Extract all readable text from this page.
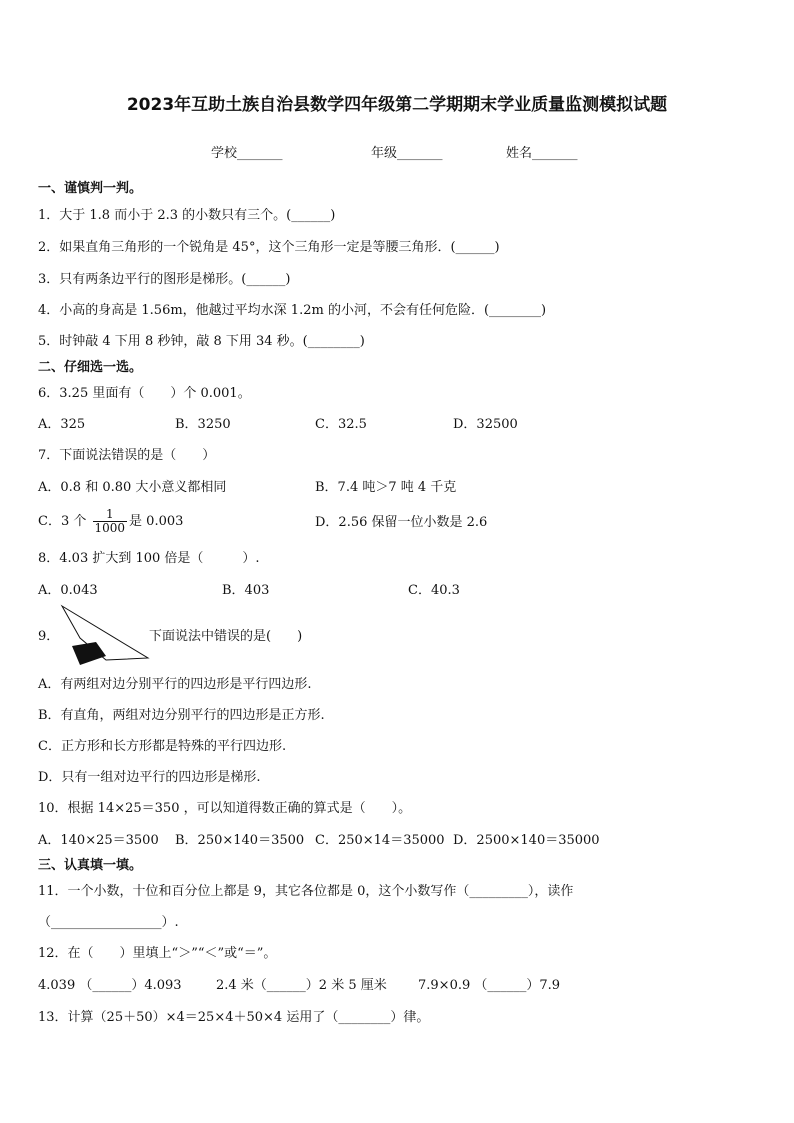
2023年互助土族自治县数学四年级第二学期期末学业质量监测模拟试题
学校_______	年级_______	姓名_______
一、谨慎判一判。
1．大于 1.8 而小于 2.3 的小数只有三个。(______)
2．如果直角三角形的一个锐角是 45°，这个三角形一定是等腰三角形．(______)
3．只有两条边平行的图形是梯形。(______)
4．小高的身高是 1.56m，他越过平均水深 1.2m 的小河，不会有任何危险．(________)
5．时钟敲 4 下用 8 秒钟，敲 8 下用 34 秒。(________)
二、仔细选一选。
6．3.25 里面有（　　）个 0.001。
A．325	B．3250	C．32.5	D．32500
7．下面说法错误的是（　　）
A．0.8 和 0.80 大小意义都相同	B．7.4 吨＞7 吨 4 千克
C．3 个 $\frac{1}{1000}$ 是 0.003	D．2.56 保留一位小数是 2.6
8．4.03 扩大到 100 倍是（　　　）.
A．0.043	B．403	C．40.3
9．	下面说法中错误的是(　　)
A．有两组对边分别平行的四边形是平行四边形.
B．有直角，两组对边分别平行的四边形是正方形.
C．正方形和长方形都是特殊的平行四边形.
D．只有一组对边平行的四边形是梯形.
10．根据 14×25＝350 ，可以知道得数正确的算式是（　　）。
A．140×25＝3500 B．250×140＝3500 C．250×14＝35000 D．2500×140＝35000
三、认真填一填。
11．一个小数，十位和百分位上都是 9，其它各位都是 0，这个小数写作（_________），读作
（_________________）.
12．在（　　）里填上“＞”“＜”或“＝”。
4.039 （______）4.093	2.4 米（______）2 米 5 厘米 7.9×0.9 （______）7.9
13．计算（25＋50）×4＝25×4＋50×4 运用了（________）律。
